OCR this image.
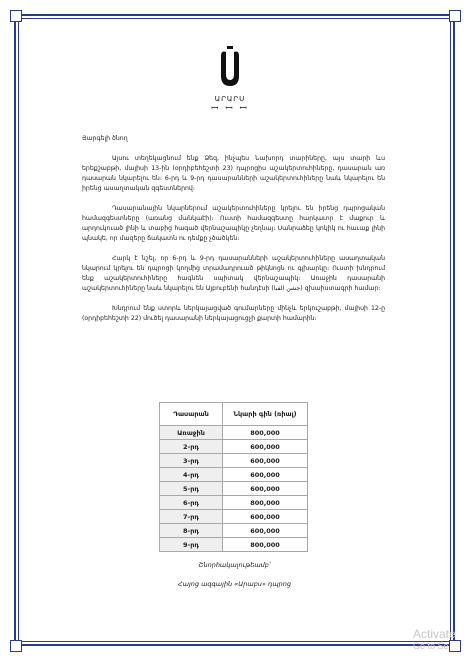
ԱՐԱՐՍ
ꟷ ꟷ ꟷ

Յարգելի ծնող

Այսու տեղեկացնում ենք Ձեզ, ինչպես Նախորդ տարիները, այս տարի ևս երեքշաբթի, մայիսի 13-ին (օրդիբեհեշտի 23) դպրոցիս աշակերտուհիները, դասարան առ դասարան նկարելու են։ 6-րդ և 9-րդ դասարանների աշակերտուհիները նաև նկարելու են իրենց ասաղտական զգեստներով։

Դասարանային նկարներում աշակերտուհիները կրելու են իրենց դպրոցական համազգեստները (առանց մանկաէի)։ Ուստի համազգեստը հարկաւոր է մաքուր և արդուկուած լինի և տաբից հագած վերնաշապիկը չեղնայ։ Սանրաձեը կոկիկ ու հաւաք լինի պնակե, որ մազերը ճակատն ու դեմքը չծածկեն։

Հարկ է նշել, որ 6-րդ և 9-րդ դասարանների աշակերտուհիները ասաղտական նկարում կրելու են դպրոցի կողմից տրամադրուած թիկնոցն ու գլխարկը։ Ուստի խնդրում ենք աշակերտուհիները հագնեն սպիտակ վերնաշապիկ։ Առաջին դասարանի աշակերտուհիները նաև նկարելու են Այբուբենի հանդէսի (جشن الفبا) զխաիստագրի համար։

Խնդրում ենք ստորև ներկայացված գումարները մինչև երկուշաբթի, մայիսի 12-ը (օրդիբեհեշտի 22) մուծել դասարանի ներկայացուցչի քարտի համարին։

Դասարան	Նկարի գին (ռիալ)
Առաջին	800,000
2-րդ	600,000
3-րդ	600,000
4-րդ	600,000
5-րդ	600,000
6-րդ	800,000
7-րդ	600,000
8-րդ	600,000
9-րդ	800,000
Շնորհակալութեամբ՝
Հայոց ազգային «Արաբս» դպրոց
Activate
Go to Se
